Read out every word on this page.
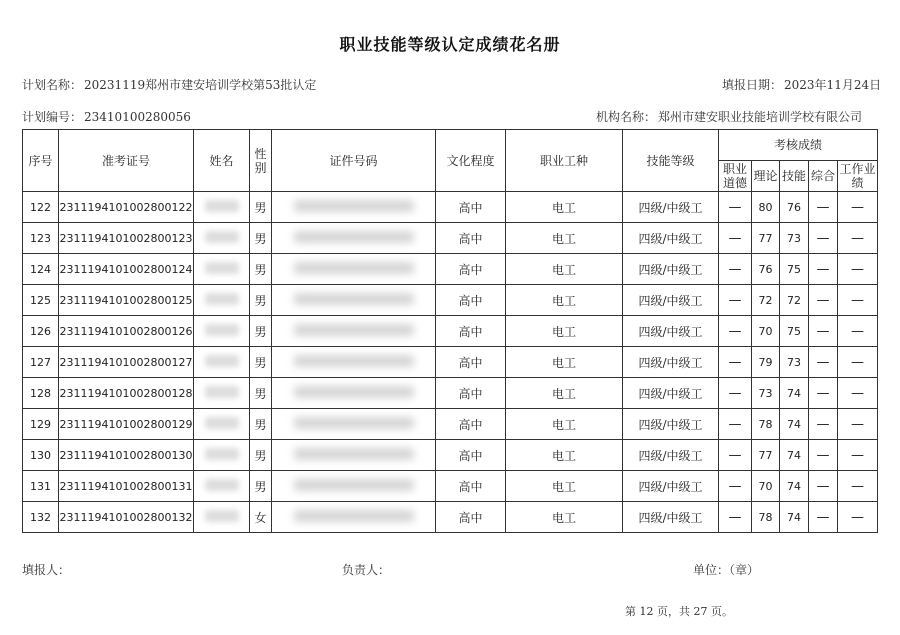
职业技能等级认定成绩花名册
计划名称： 20231119郑州市建安培训学校第53批认定	填报日期： 2023年11月24日
计划编号： 23410100280056	机构名称： 郑州市建安职业技能培训学校有限公司
序号	准考证号	姓名	性别	证件号码	文化程度	职业工种	技能等级	考核成绩				
								职业道德	理论	技能	综合	工作业绩
122	2311194101002800122		男		高中	电工	四级/中级工	—	80	76	—	—
123	2311194101002800123		男		高中	电工	四级/中级工	—	77	73	—	—
124	2311194101002800124		男		高中	电工	四级/中级工	—	76	75	—	—
125	2311194101002800125		男		高中	电工	四级/中级工	—	72	72	—	—
126	2311194101002800126		男		高中	电工	四级/中级工	—	70	75	—	—
127	2311194101002800127		男		高中	电工	四级/中级工	—	79	73	—	—
128	2311194101002800128		男		高中	电工	四级/中级工	—	73	74	—	—
129	2311194101002800129		男		高中	电工	四级/中级工	—	78	74	—	—
130	2311194101002800130		男		高中	电工	四级/中级工	—	77	74	—	—
131	2311194101002800131		男		高中	电工	四级/中级工	—	70	74	—	—
132	2311194101002800132		女		高中	电工	四级/中级工	—	78	74	—	—
填报人：	负责人：	单位：（章）
第 12 页，共 27 页。
